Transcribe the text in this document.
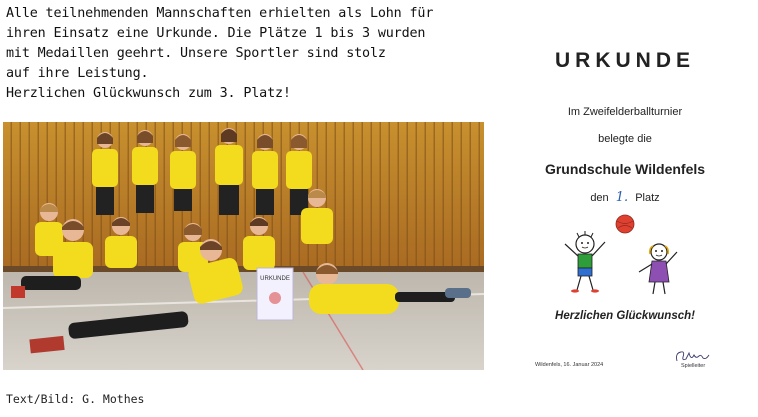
Alle teilnehmenden Mannschaften erhielten als Lohn für
ihren Einsatz eine Urkunde. Die Plätze 1 bis 3 wurden
mit Medaillen geehrt. Unsere Sportler sind stolz
auf ihre Leistung.
Herzlichen Glückwunsch zum 3. Platz!
URKUNDE
Text/Bild: G. Mothes
URKUNDE
Im Zweifelderballturnier
belegte die
Grundschule Wildenfels
den 1. Platz
Herzlichen Glückwunsch!
Wildenfels, 16. Januar 2024	Spielleiter
